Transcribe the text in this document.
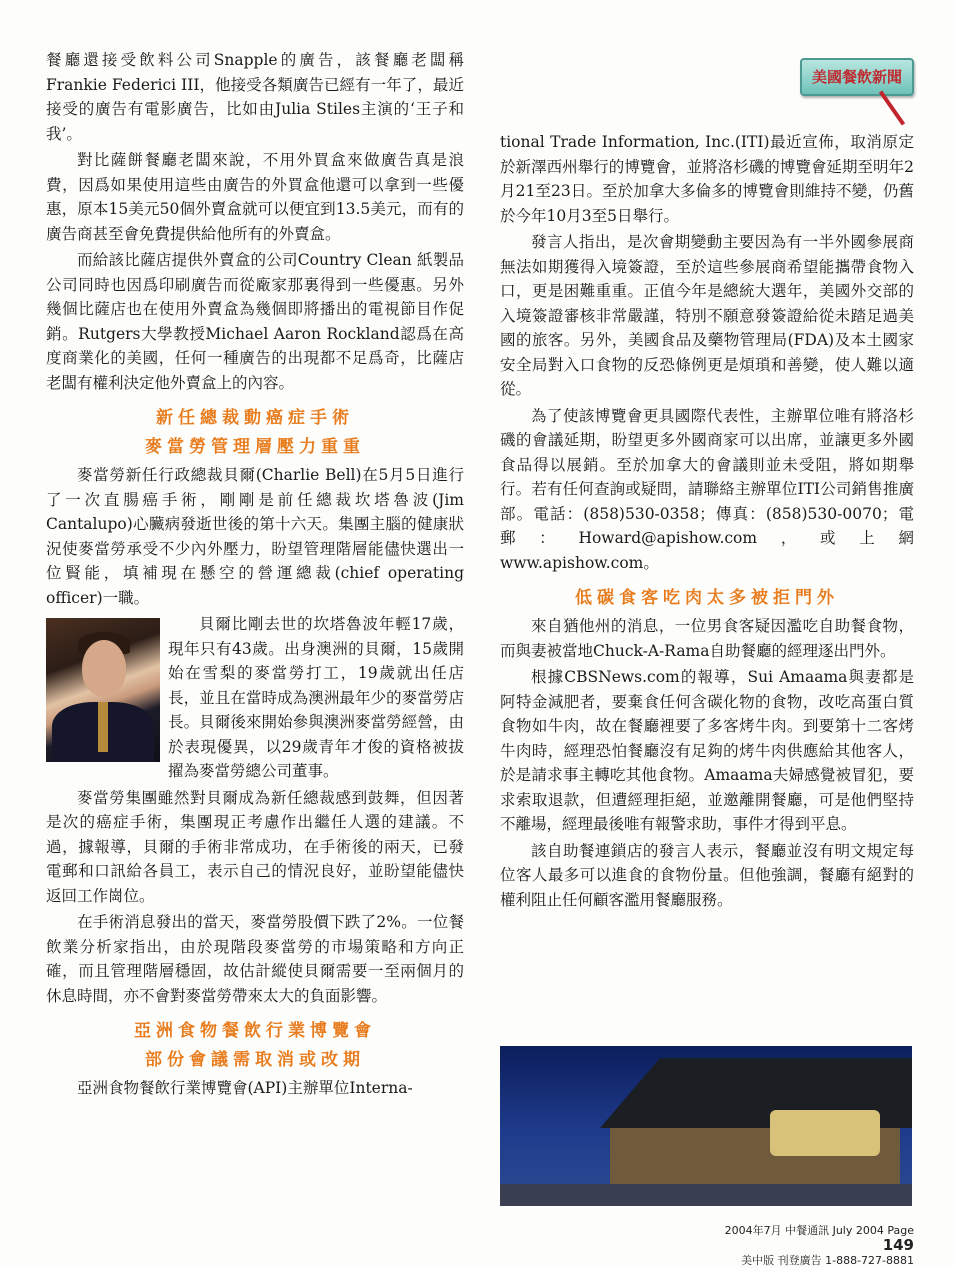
美國餐飲新聞

餐廳還接受飲料公司Snapple的廣告，該餐廳老闆稱Frankie Federici III，他接受各類廣告已經有一年了，最近接受的廣告有電影廣告，比如由Julia Stiles主演的‘王子和我’。

對比薩餅餐廳老闆來說，不用外買盒來做廣告真是浪費，因爲如果使用這些由廣告的外買盒他還可以拿到一些優惠，原本15美元50個外賣盒就可以便宜到13.5美元，而有的廣告商甚至會免費提供給他所有的外賣盒。

而給該比薩店提供外賣盒的公司Country Clean 紙製品公司同時也因爲印刷廣告而從廠家那裏得到一些優惠。另外幾個比薩店也在使用外賣盒為幾個即將播出的電視節目作促銷。Rutgers大學教授Michael Aaron Rockland認爲在高度商業化的美國，任何一種廣告的出現都不足爲奇，比薩店老闆有權利決定他外賣盒上的內容。

新任總裁動癌症手術
麥當勞管理層壓力重重

麥當勞新任行政總裁貝爾(Charlie Bell)在5月5日進行了一次直腸癌手術，剛剛是前任總裁坎塔魯波(Jim Cantalupo)心臟病發逝世後的第十六天。集團主腦的健康狀況使麥當勞承受不少內外壓力，盼望管理階層能儘快選出一位賢能，填補現在懸空的營運總裁(chief operating officer)一職。

貝爾比剛去世的坎塔魯波年輕17歲，現年只有43歲。出身澳洲的貝爾，15歲開始在雪梨的麥當勞打工，19歲就出任店長，並且在當時成為澳洲最年少的麥當勞店長。貝爾後來開始參與澳洲麥當勞經營，由於表現優異，以29歲青年才俊的資格被拔擢為麥當勞總公司董事。

麥當勞集團雖然對貝爾成為新任總裁感到鼓舞，但因著是次的癌症手術，集團現正考慮作出繼任人選的建議。不過，據報導，貝爾的手術非常成功，在手術後的兩天，已發電郵和口訊給各員工，表示自己的情況良好，並盼望能儘快返回工作崗位。

在手術消息發出的當天，麥當勞股價下跌了2%。一位餐飲業分析家指出，由於現階段麥當勞的市場策略和方向正確，而且管理階層穩固，故估計縱使貝爾需要一至兩個月的休息時間，亦不會對麥當勞帶來太大的負面影響。

亞洲食物餐飲行業博覽會
部份會議需取消或改期

亞洲食物餐飲行業博覽會(API)主辦單位Interna-

tional Trade Information, Inc.(ITI)最近宣佈，取消原定於新澤西州舉行的博覽會，並將洛杉磯的博覽會延期至明年2月21至23日。至於加拿大多倫多的博覽會則維持不變，仍舊於今年10月3至5日舉行。

發言人指出，是次會期變動主要因為有一半外國參展商無法如期獲得入境簽證，至於這些參展商希望能攜帶食物入口，更是困難重重。正值今年是總統大選年，美國外交部的入境簽證審核非常嚴謹，特別不願意發簽證給從未踏足過美國的旅客。另外，美國食品及藥物管理局(FDA)及本土國家安全局對入口食物的反恐條例更是煩瑣和善變，使人難以適從。

為了使該博覽會更具國際代表性，主辦單位唯有將洛杉磯的會議延期，盼望更多外國商家可以出席，並讓更多外國食品得以展銷。至於加拿大的會議則並未受阻，將如期舉行。若有任何查詢或疑問，請聯絡主辦單位ITI公司銷售推廣部。電話：(858)530-0358；傳真：(858)530-0070；電郵：Howard@apishow.com，或上網www.apishow.com。

低碳食客吃肉太多被拒門外

來自猶他州的消息，一位男食客疑因濫吃自助餐食物，而與妻被當地Chuck-A-Rama自助餐廳的經理逐出門外。

根據CBSNews.com的報導，Sui Amaama與妻都是阿特金減肥者，要棄食任何含碳化物的食物，改吃高蛋白質食物如牛肉，故在餐廳裡要了多客烤牛肉。到要第十二客烤牛肉時，經理恐怕餐廳沒有足夠的烤牛肉供應給其他客人，於是請求事主轉吃其他食物。Amaama夫婦感覺被冒犯，要求索取退款，但遭經理拒絕，並邀離開餐廳，可是他們堅持不離場，經理最後唯有報警求助，事件才得到平息。

該自助餐連鎖店的發言人表示，餐廳並沒有明文規定每位客人最多可以進食的食物份量。但他強調，餐廳有絕對的權利阻止任何顧客濫用餐廳服務。

2004年7月 中餐通訊 July 2004 Page 149
美中版 刊登廣告 1-888-727-8881
